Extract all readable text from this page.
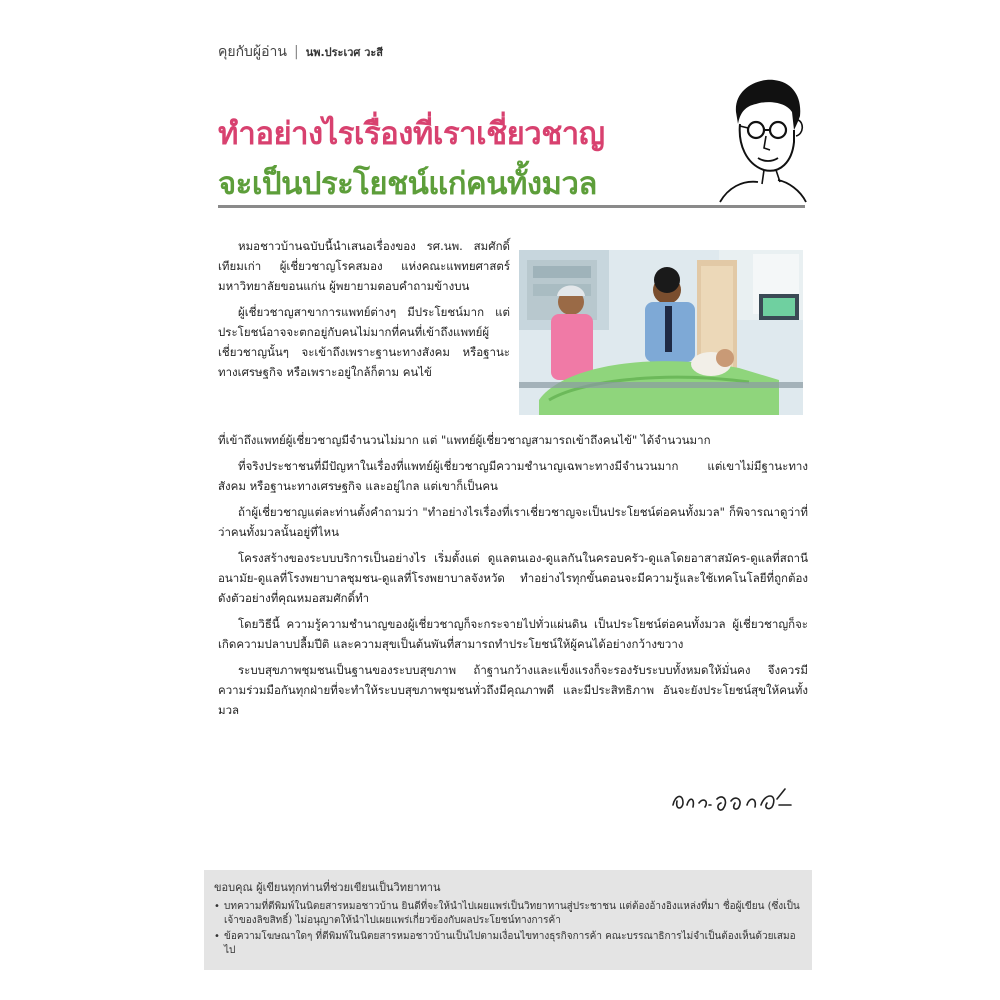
คุยกับผู้อ่าน | นพ.ประเวศ วะสี
ทำอย่างไรเรื่องที่เราเชี่ยวชาญ
จะเป็นประโยชน์แก่คนทั้งมวล

หมอชาวบ้านฉบับนี้นำเสนอเรื่องของ รศ.นพ. สมศักดิ์ เทียมเก่า ผู้เชี่ยวชาญโรคสมอง แห่งคณะแพทยศาสตร์ มหาวิทยาลัยขอนแก่น ผู้พยายามตอบคำถามข้างบน

ผู้เชี่ยวชาญสาขาการแพทย์ต่างๆ มีประโยชน์มาก แต่ประโยชน์อาจจะตกอยู่กับคนไม่มากที่คนที่เข้าถึงแพทย์ผู้เชี่ยวชาญนั้นๆ จะเข้าถึงเพราะฐานะทางสังคม หรือฐานะทางเศรษฐกิจ หรือเพราะอยู่ใกล้ก็ตาม คนไข้

ที่เข้าถึงแพทย์ผู้เชี่ยวชาญมีจำนวนไม่มาก แต่ "แพทย์ผู้เชี่ยวชาญสามารถเข้าถึงคนไข้" ได้จำนวนมาก

ที่จริงประชาชนที่มีปัญหาในเรื่องที่แพทย์ผู้เชี่ยวชาญมีความชำนาญเฉพาะทางมีจำนวนมาก แต่เขาไม่มีฐานะทางสังคม หรือฐานะทางเศรษฐกิจ และอยู่ไกล แต่เขาก็เป็นคน

ถ้าผู้เชี่ยวชาญแต่ละท่านตั้งคำถามว่า "ทำอย่างไรเรื่องที่เราเชี่ยวชาญจะเป็นประโยชน์ต่อคนทั้งมวล" ก็พิจารณาดูว่าที่ว่าคนทั้งมวลนั้นอยู่ที่ไหน

โครงสร้างของระบบบริการเป็นอย่างไร เริ่มตั้งแต่ ดูแลตนเอง-ดูแลกันในครอบครัว-ดูแลโดยอาสาสมัคร-ดูแลที่สถานีอนามัย-ดูแลที่โรงพยาบาลชุมชน-ดูแลที่โรงพยาบาลจังหวัด ทำอย่างไรทุกขั้นตอนจะมีความรู้และใช้เทคโนโลยีที่ถูกต้อง ดังตัวอย่างที่คุณหมอสมศักดิ์ทำ

โดยวิธีนี้ ความรู้ความชำนาญของผู้เชี่ยวชาญก็จะกระจายไปทั่วแผ่นดิน เป็นประโยชน์ต่อคนทั้งมวล ผู้เชี่ยวชาญก็จะเกิดความปลาบปลื้มปีติ และความสุขเป็นต้นพันที่สามารถทำประโยชน์ให้ผู้คนได้อย่างกว้างขวาง

ระบบสุขภาพชุมชนเป็นฐานของระบบสุขภาพ ถ้าฐานกว้างและแข็งแรงก็จะรองรับระบบทั้งหมดให้มั่นคง จึงควรมีความร่วมมือกันทุกฝ่ายที่จะทำให้ระบบสุขภาพชุมชนทั่วถึงมีคุณภาพดี และมีประสิทธิภาพ อันจะยังประโยชน์สุขให้คนทั้งมวล

ขอบคุณ ผู้เขียนทุกท่านที่ช่วยเขียนเป็นวิทยาทาน
• บทความที่ตีพิมพ์ในนิตยสารหมอชาวบ้าน ยินดีที่จะให้นำไปเผยแพร่เป็นวิทยาทานสู่ประชาชน แต่ต้องอ้างอิงแหล่งที่มา ชื่อผู้เขียน (ซึ่งเป็นเจ้าของลิขสิทธิ์) ไม่อนุญาตให้นำไปเผยแพร่เกี่ยวข้องกับผลประโยชน์ทางการค้า
• ข้อความโฆษณาใดๆ ที่ตีพิมพ์ในนิตยสารหมอชาวบ้านเป็นไปตามเงื่อนไขทางธุรกิจการค้า คณะบรรณาธิการไม่จำเป็นต้องเห็นด้วยเสมอไป
